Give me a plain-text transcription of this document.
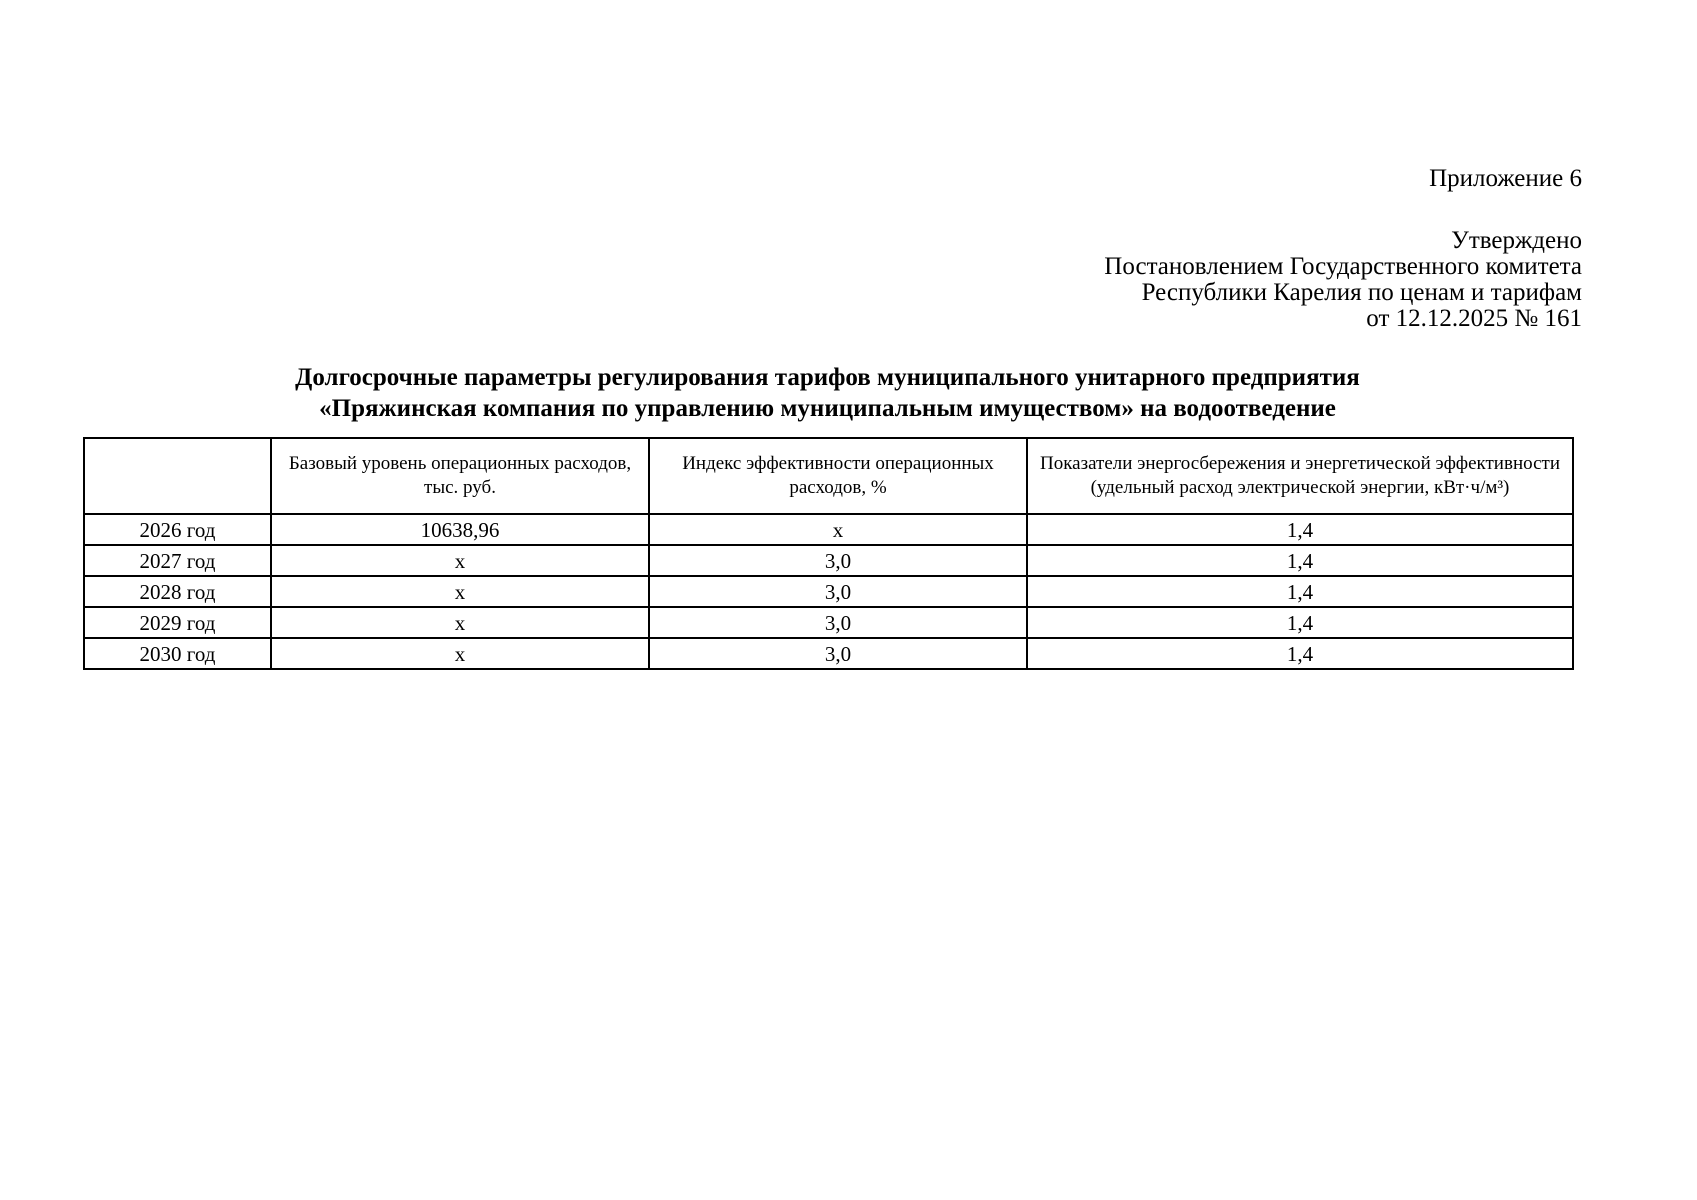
Приложение 6
Утверждено
Постановлением Государственного комитета
Республики Карелия по ценам и тарифам
от 12.12.2025 № 161
Долгосрочные параметры регулирования тарифов муниципального унитарного предприятия
«Пряжинская компания по управлению муниципальным имуществом» на водоотведение
	Базовый уровень операционных расходов, тыс. руб.	Индекс эффективности операционных расходов, %	Показатели энергосбережения и энергетической эффективности (удельный расход электрической энергии, кВт·ч/м³)
2026 год	10638,96	х	1,4
2027 год	х	3,0	1,4
2028 год	х	3,0	1,4
2029 год	х	3,0	1,4
2030 год	х	3,0	1,4
